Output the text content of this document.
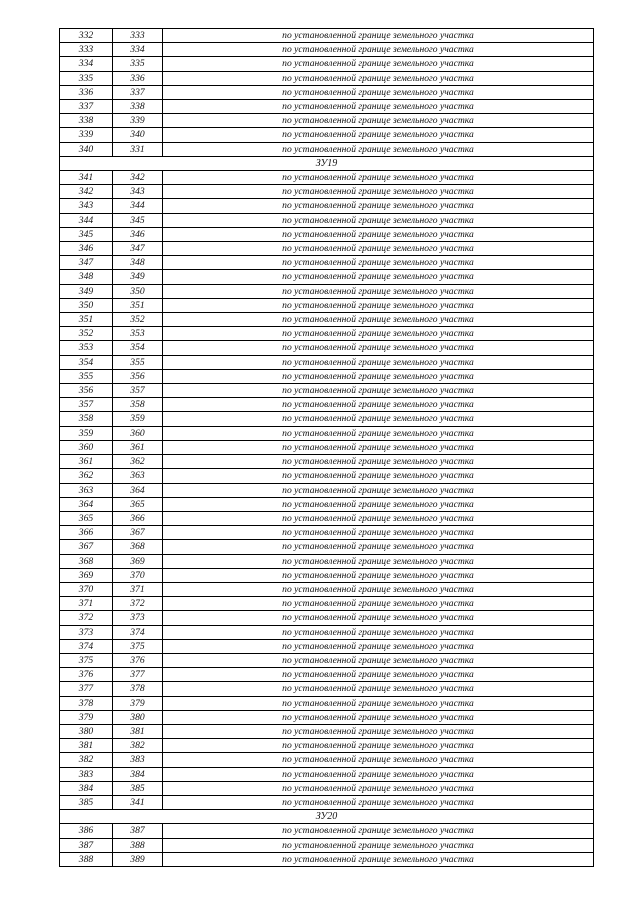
332	333	по установленной границе земельного участка
333	334	по установленной границе земельного участка
334	335	по установленной границе земельного участка
335	336	по установленной границе земельного участка
336	337	по установленной границе земельного участка
337	338	по установленной границе земельного участка
338	339	по установленной границе земельного участка
339	340	по установленной границе земельного участка
340	331	по установленной границе земельного участка
ЗУ19		
341	342	по установленной границе земельного участка
342	343	по установленной границе земельного участка
343	344	по установленной границе земельного участка
344	345	по установленной границе земельного участка
345	346	по установленной границе земельного участка
346	347	по установленной границе земельного участка
347	348	по установленной границе земельного участка
348	349	по установленной границе земельного участка
349	350	по установленной границе земельного участка
350	351	по установленной границе земельного участка
351	352	по установленной границе земельного участка
352	353	по установленной границе земельного участка
353	354	по установленной границе земельного участка
354	355	по установленной границе земельного участка
355	356	по установленной границе земельного участка
356	357	по установленной границе земельного участка
357	358	по установленной границе земельного участка
358	359	по установленной границе земельного участка
359	360	по установленной границе земельного участка
360	361	по установленной границе земельного участка
361	362	по установленной границе земельного участка
362	363	по установленной границе земельного участка
363	364	по установленной границе земельного участка
364	365	по установленной границе земельного участка
365	366	по установленной границе земельного участка
366	367	по установленной границе земельного участка
367	368	по установленной границе земельного участка
368	369	по установленной границе земельного участка
369	370	по установленной границе земельного участка
370	371	по установленной границе земельного участка
371	372	по установленной границе земельного участка
372	373	по установленной границе земельного участка
373	374	по установленной границе земельного участка
374	375	по установленной границе земельного участка
375	376	по установленной границе земельного участка
376	377	по установленной границе земельного участка
377	378	по установленной границе земельного участка
378	379	по установленной границе земельного участка
379	380	по установленной границе земельного участка
380	381	по установленной границе земельного участка
381	382	по установленной границе земельного участка
382	383	по установленной границе земельного участка
383	384	по установленной границе земельного участка
384	385	по установленной границе земельного участка
385	341	по установленной границе земельного участка
ЗУ20		
386	387	по установленной границе земельного участка
387	388	по установленной границе земельного участка
388	389	по установленной границе земельного участка
